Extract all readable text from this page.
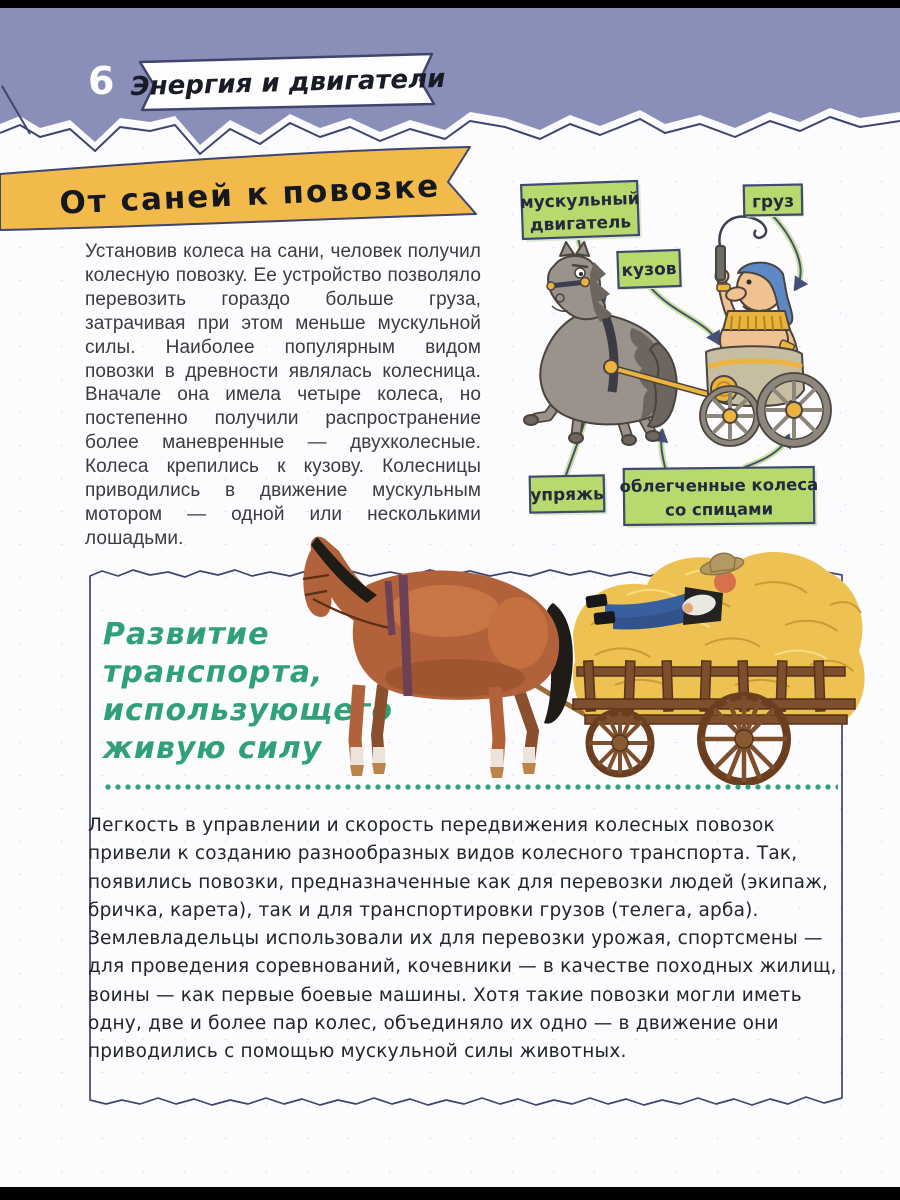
6 Энергия и двигатели
От саней к повозке
Установив колеса на сани, человек получил колесную повозку. Ее устройство позволяло перевозить гораздо больше груза, затрачивая при этом меньше мускульной силы. Наиболее популярным видом повозки в древности являлась колесница. Вначале она имела четыре колеса, но постепенно получили распространение более маневренные — двухколесные. Колеса крепились к кузову. Колесницы приводились в движение мускульным мотором — одной или несколькими лошадьми.
мускульный
двигатель
груз
кузов
упряжь облегченные колеса
со спицами
Развитие
транспорта,
использующего
живую силу
Легкость в управлении и скорость передвижения колесных повозок привели к созданию разнообразных видов колесного транспорта. Так, появились повозки, предназначенные как для перевозки людей (экипаж, бричка, карета), так и для транспортировки грузов (телега, арба). Землевладельцы использовали их для перевозки урожая, спортсмены — для проведения соревнований, кочевники — в качестве походных жилищ, воины — как первые боевые машины. Хотя такие повозки могли иметь одну, две и более пар колес, объединяло их одно — в движение они приводились с помощью мускульной силы животных.
